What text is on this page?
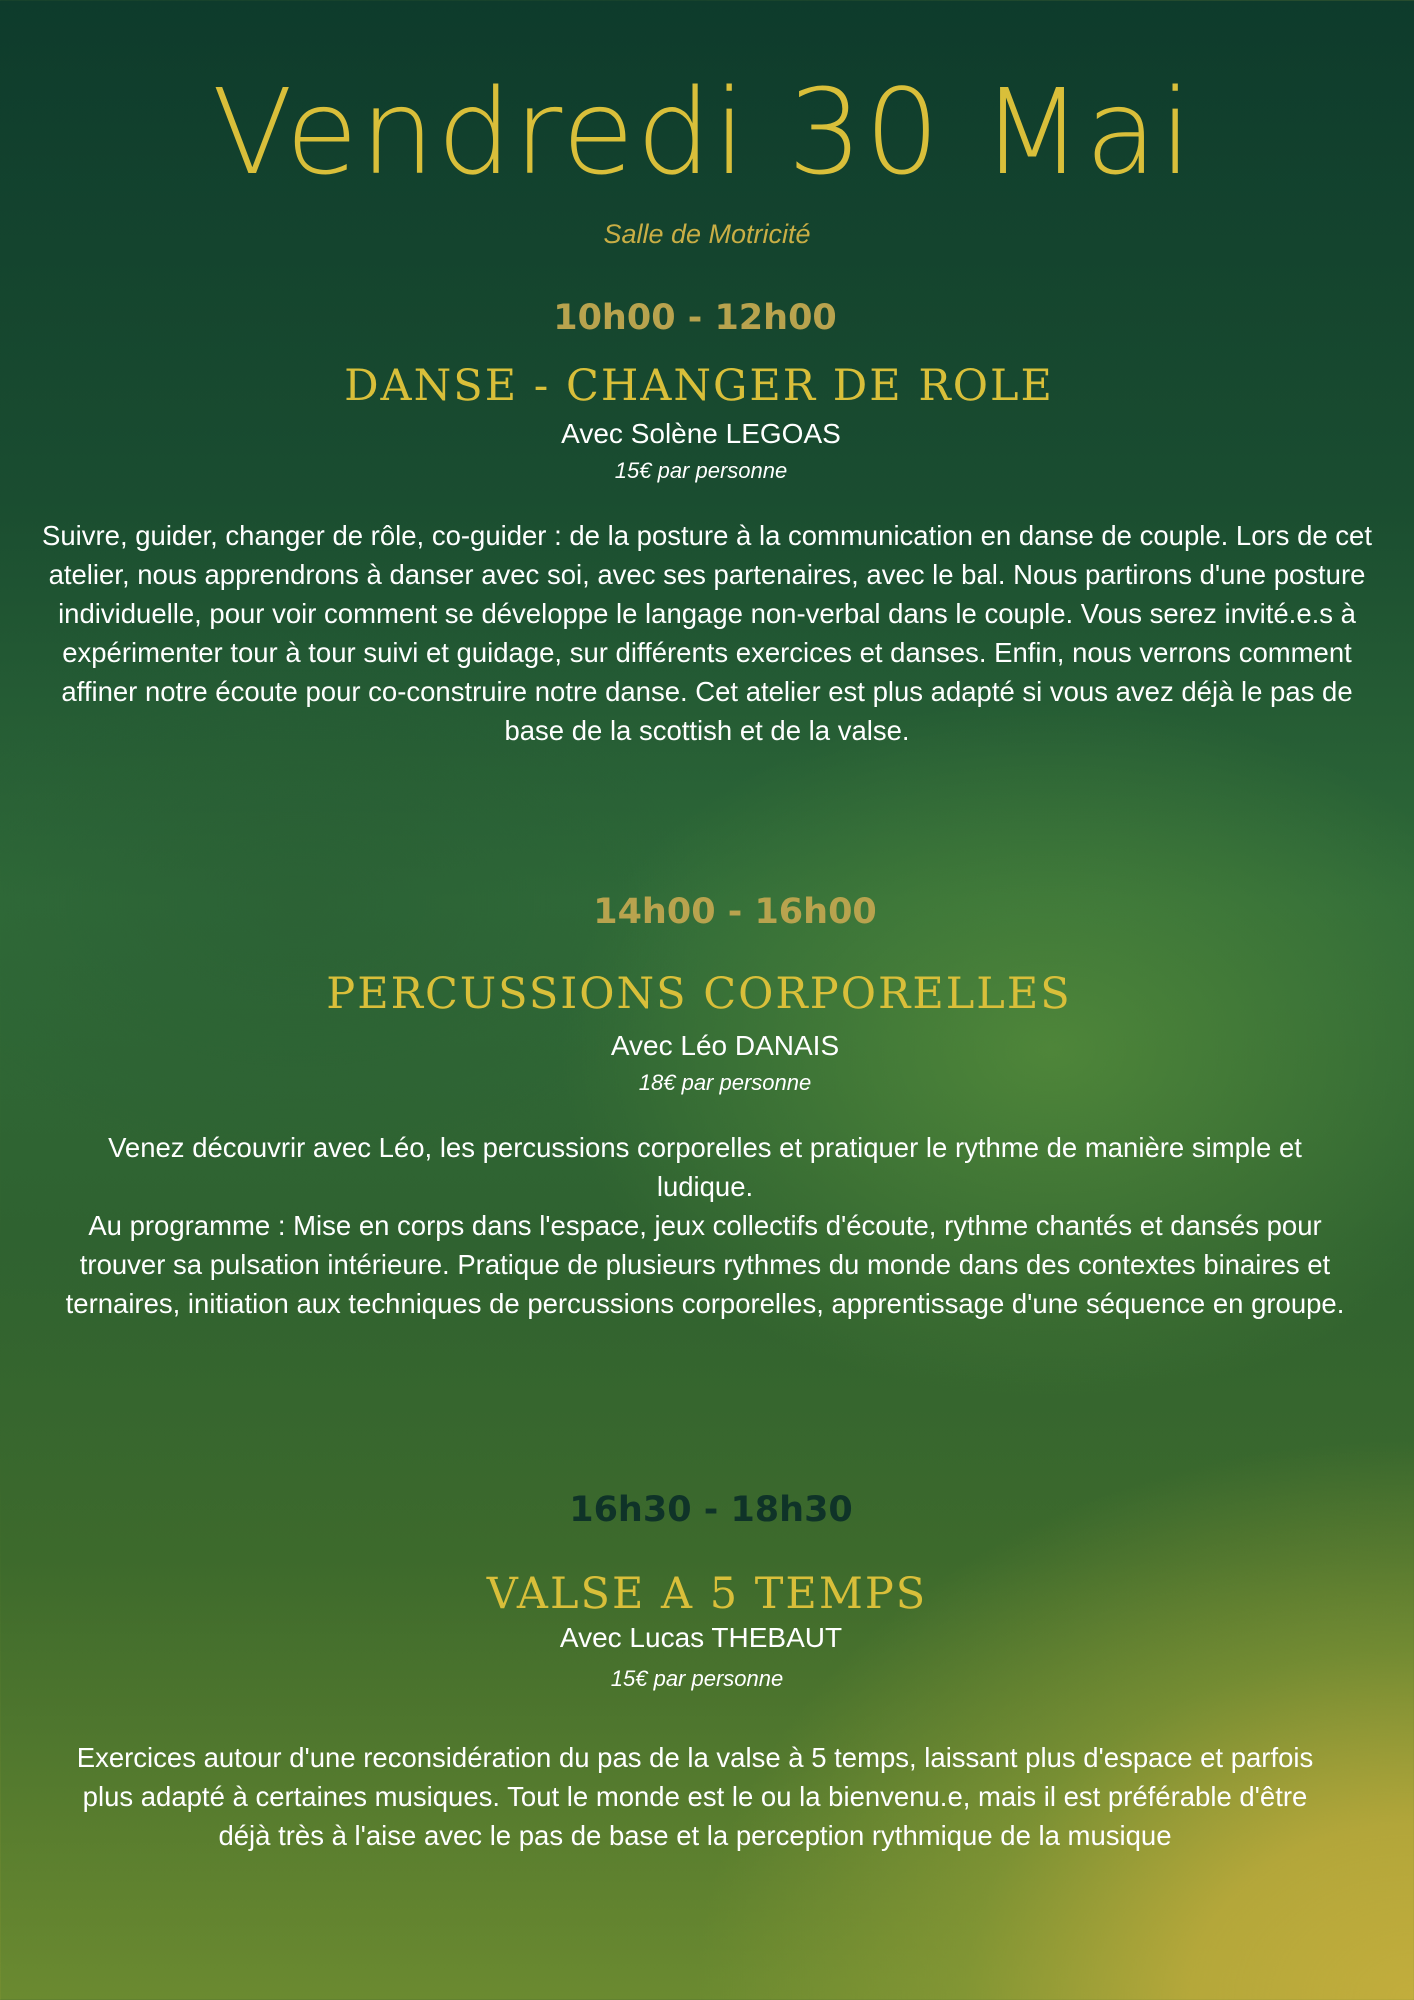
Vendredi 30 Mai
Salle de Motricité
10h00 - 12h00
DANSE - CHANGER DE ROLE
Avec Solène LEGOAS
15€ par personne

Suivre, guider, changer de rôle, co-guider : de la posture à la communication en danse de couple. Lors de cet atelier, nous apprendrons à danser avec soi, avec ses partenaires, avec le bal. Nous partirons d'une posture individuelle, pour voir comment se développe le langage non-verbal dans le couple. Vous serez invité.e.s à expérimenter tour à tour suivi et guidage, sur différents exercices et danses. Enfin, nous verrons comment affiner notre écoute pour co-construire notre danse. Cet atelier est plus adapté si vous avez déjà le pas de base de la scottish et de la valse.

14h00 - 16h00
PERCUSSIONS CORPORELLES
Avec Léo DANAIS
18€ par personne

Venez découvrir avec Léo, les percussions corporelles et pratiquer le rythme de manière simple et ludique.

Au programme : Mise en corps dans l'espace, jeux collectifs d'écoute, rythme chantés et dansés pour trouver sa pulsation intérieure. Pratique de plusieurs rythmes du monde dans des contextes binaires et ternaires, initiation aux techniques de percussions corporelles, apprentissage d'une séquence en groupe.

16h30 - 18h30
VALSE A 5 TEMPS
Avec Lucas THEBAUT
15€ par personne

Exercices autour d'une reconsidération du pas de la valse à 5 temps, laissant plus d'espace et parfois plus adapté à certaines musiques. Tout le monde est le ou la bienvenu.e, mais il est préférable d'être déjà très à l'aise avec le pas de base et la perception rythmique de la musique
